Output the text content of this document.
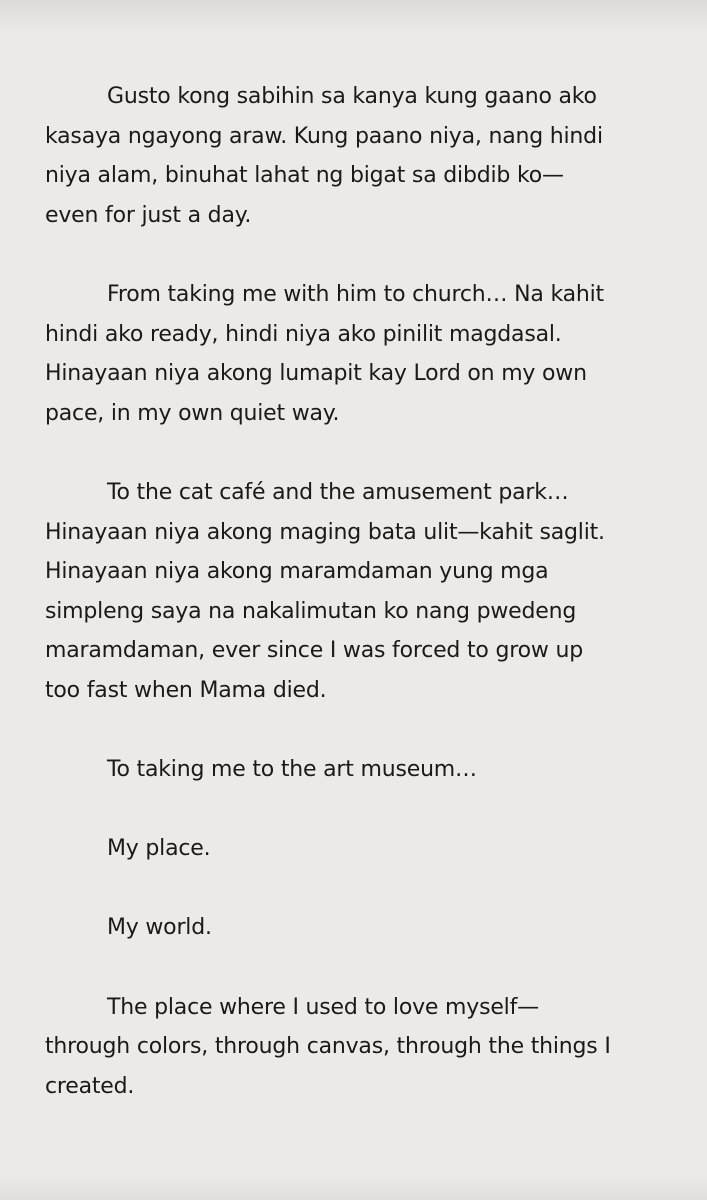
Gusto kong sabihin sa kanya kung gaano ako
kasaya ngayong araw. Kung paano niya, nang hindi
niya alam, binuhat lahat ng bigat sa dibdib ko—
even for just a day.

From taking me with him to church… Na kahit
hindi ako ready, hindi niya ako pinilit magdasal.
Hinayaan niya akong lumapit kay Lord on my own
pace, in my own quiet way.

To the cat café and the amusement park…
Hinayaan niya akong maging bata ulit—kahit saglit.
Hinayaan niya akong maramdaman yung mga
simpleng saya na nakalimutan ko nang pwedeng
maramdaman, ever since I was forced to grow up
too fast when Mama died.

To taking me to the art museum…

My place.

My world.

The place where I used to love myself—
through colors, through canvas, through the things I
created.
